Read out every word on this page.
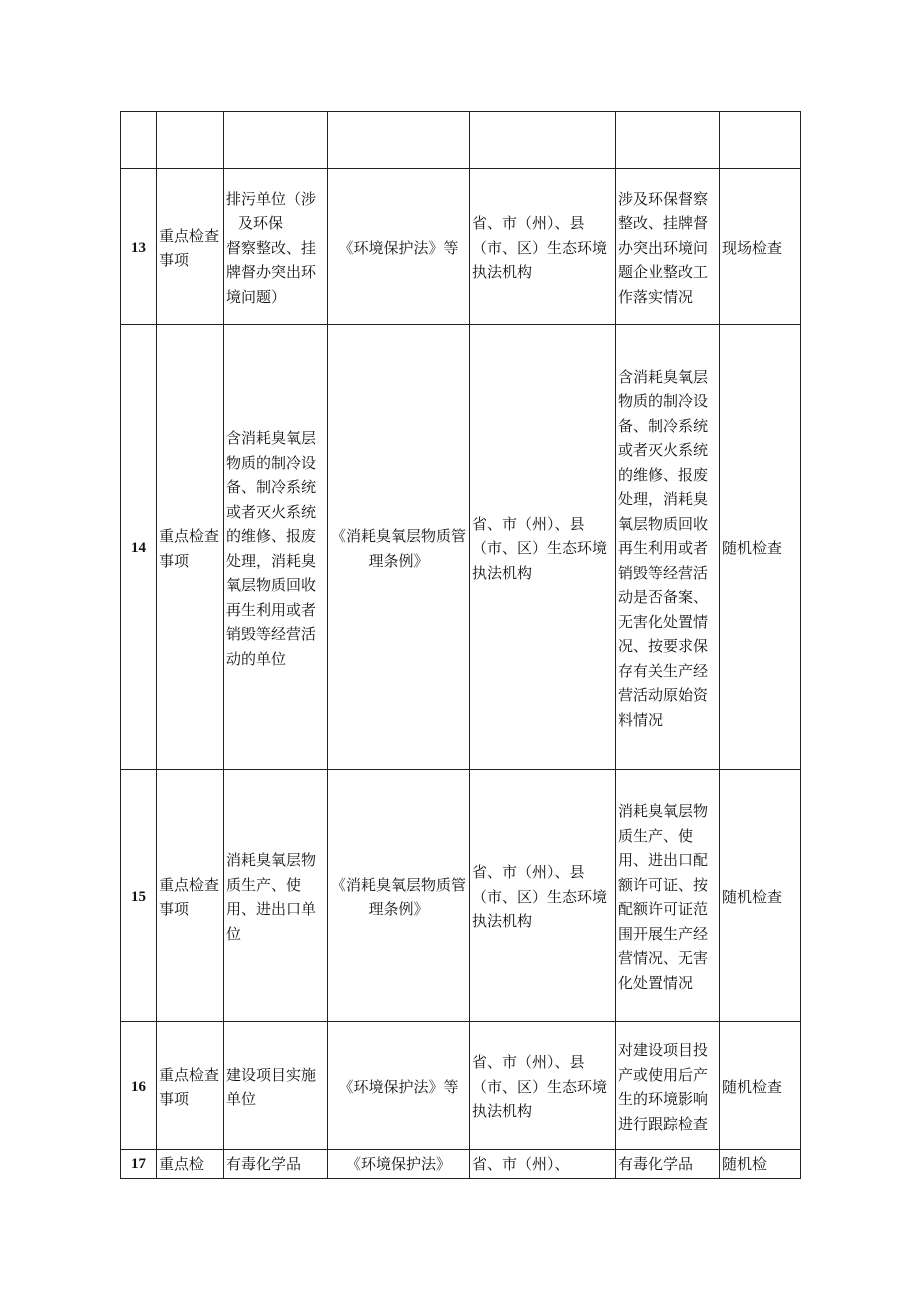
13	重点检查事项	排污单位（涉
及环保
督察整改、挂牌督办突出环境问题）	《环境保护法》等	省、市（州）、县（市、区）生态环境执法机构	涉及环保督察整改、挂牌督办突出环境问题企业整改工作落实情况	现场检查
14	重点检查事项	含消耗臭氧层物质的制冷设备、制冷系统或者灭火系统的维修、报废处理，消耗臭氧层物质回收再生利用或者销毁等经营活动的单位	《消耗臭氧层物质管理条例》	省、市（州）、县（市、区）生态环境执法机构	含消耗臭氧层物质的制冷设备、制冷系统或者灭火系统的维修、报废处理，消耗臭氧层物质回收再生利用或者销毁等经营活动是否备案、无害化处置情况、按要求保存有关生产经营活动原始资料情况	随机检查
15	重点检查事项	消耗臭氧层物质生产、使用、进出口单位	《消耗臭氧层物质管理条例》	省、市（州）、县（市、区）生态环境执法机构	消耗臭氧层物质生产、使用、进出口配额许可证、按配额许可证范围开展生产经营情况、无害化处置情况	随机检查
16	重点检查事项	建设项目实施单位	《环境保护法》等	省、市（州）、县（市、区）生态环境执法机构	对建设项目投产或使用后产生的环境影响进行跟踪检查	随机检查
17	重点检	有毒化学品	《环境保护法》	省、市（州）、	有毒化学品	随机检
